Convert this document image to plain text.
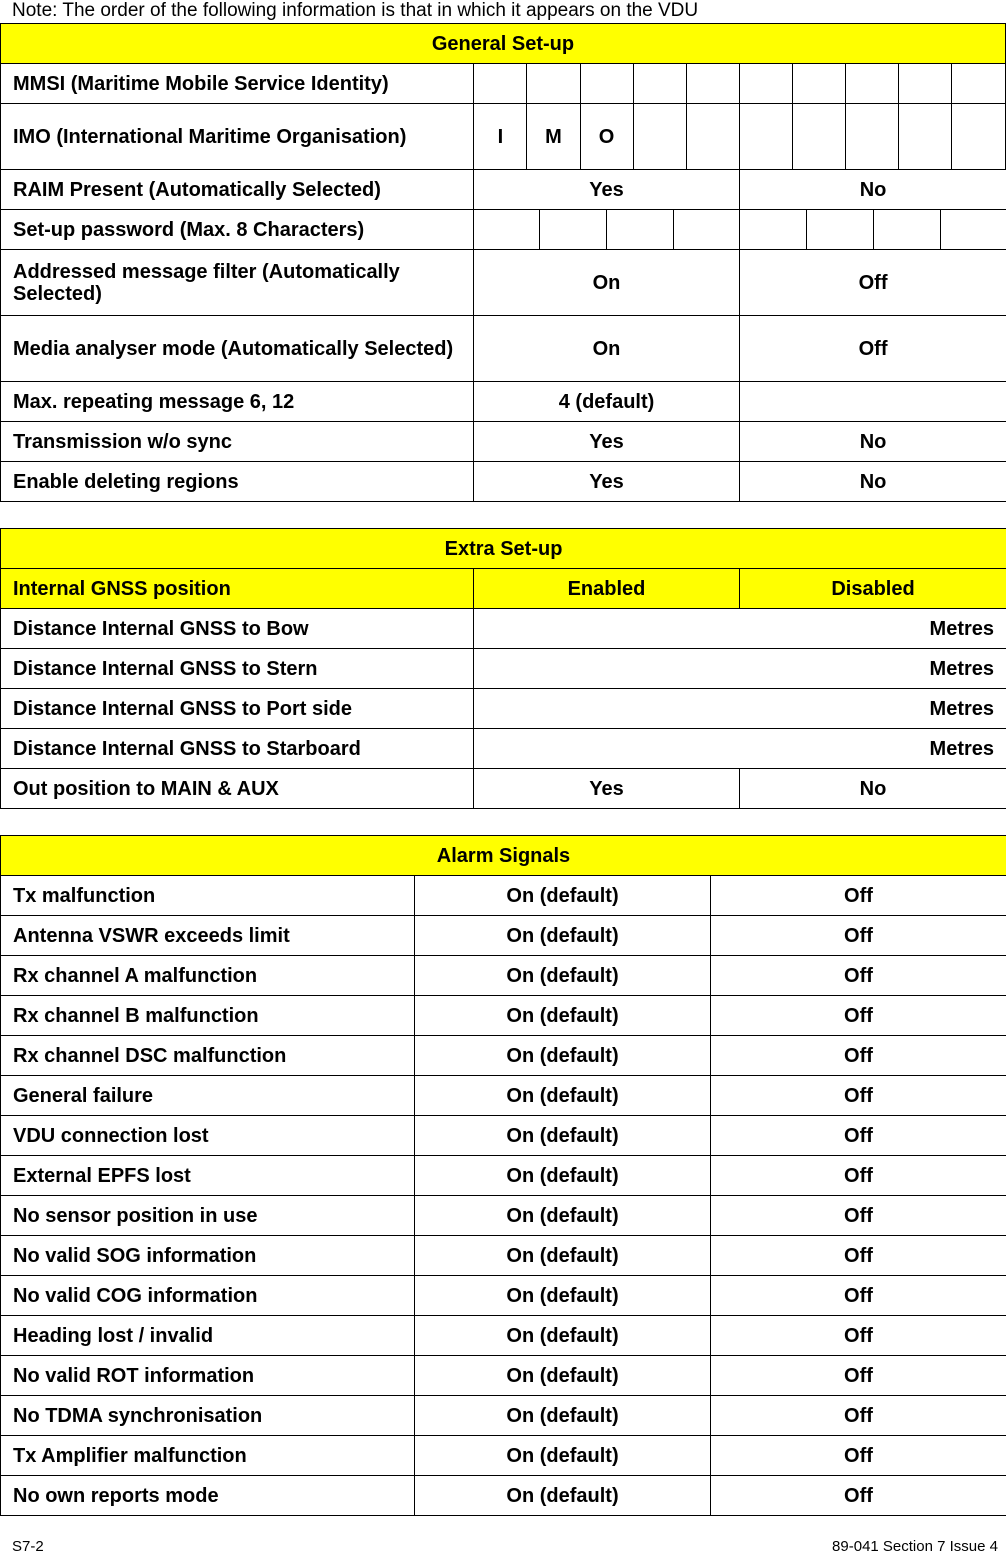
Note: The order of the following information is that in which it appears on the VDU
General Set-up										
MMSI (Maritime Mobile Service Identity)										
IMO (International Maritime Organisation)	I	M	O							
RAIM Present (Automatically Selected)	Yes				No			
Set-up password (Max. 8 Characters)								
Addressed message filter (Automatically Selected)	On				Off			
Media analyser mode (Automatically Selected)	On				Off			
Max. repeating message 6, 12	4 (default)							
Transmission w/o sync	Yes				No			
Enable deleting regions	Yes				No			
Extra Set-up		
Internal GNSS position	Enabled	Disabled
Distance Internal GNSS to Bow	Metres	
Distance Internal GNSS to Stern	Metres	
Distance Internal GNSS to Port side	Metres	
Distance Internal GNSS to Starboard	Metres	
Out position to MAIN & AUX	Yes	No
Alarm Signals		
Tx malfunction	On (default)	Off
Antenna VSWR exceeds limit	On (default)	Off
Rx channel A malfunction	On (default)	Off
Rx channel B malfunction	On (default)	Off
Rx channel DSC malfunction	On (default)	Off
General failure	On (default)	Off
VDU connection lost	On (default)	Off
External EPFS lost	On (default)	Off
No sensor position in use	On (default)	Off
No valid SOG information	On (default)	Off
No valid COG information	On (default)	Off
Heading lost / invalid	On (default)	Off
No valid ROT information	On (default)	Off
No TDMA synchronisation	On (default)	Off
Tx Amplifier malfunction	On (default)	Off
No own reports mode	On (default)	Off
S7-2	89-041 Section 7 Issue 4
